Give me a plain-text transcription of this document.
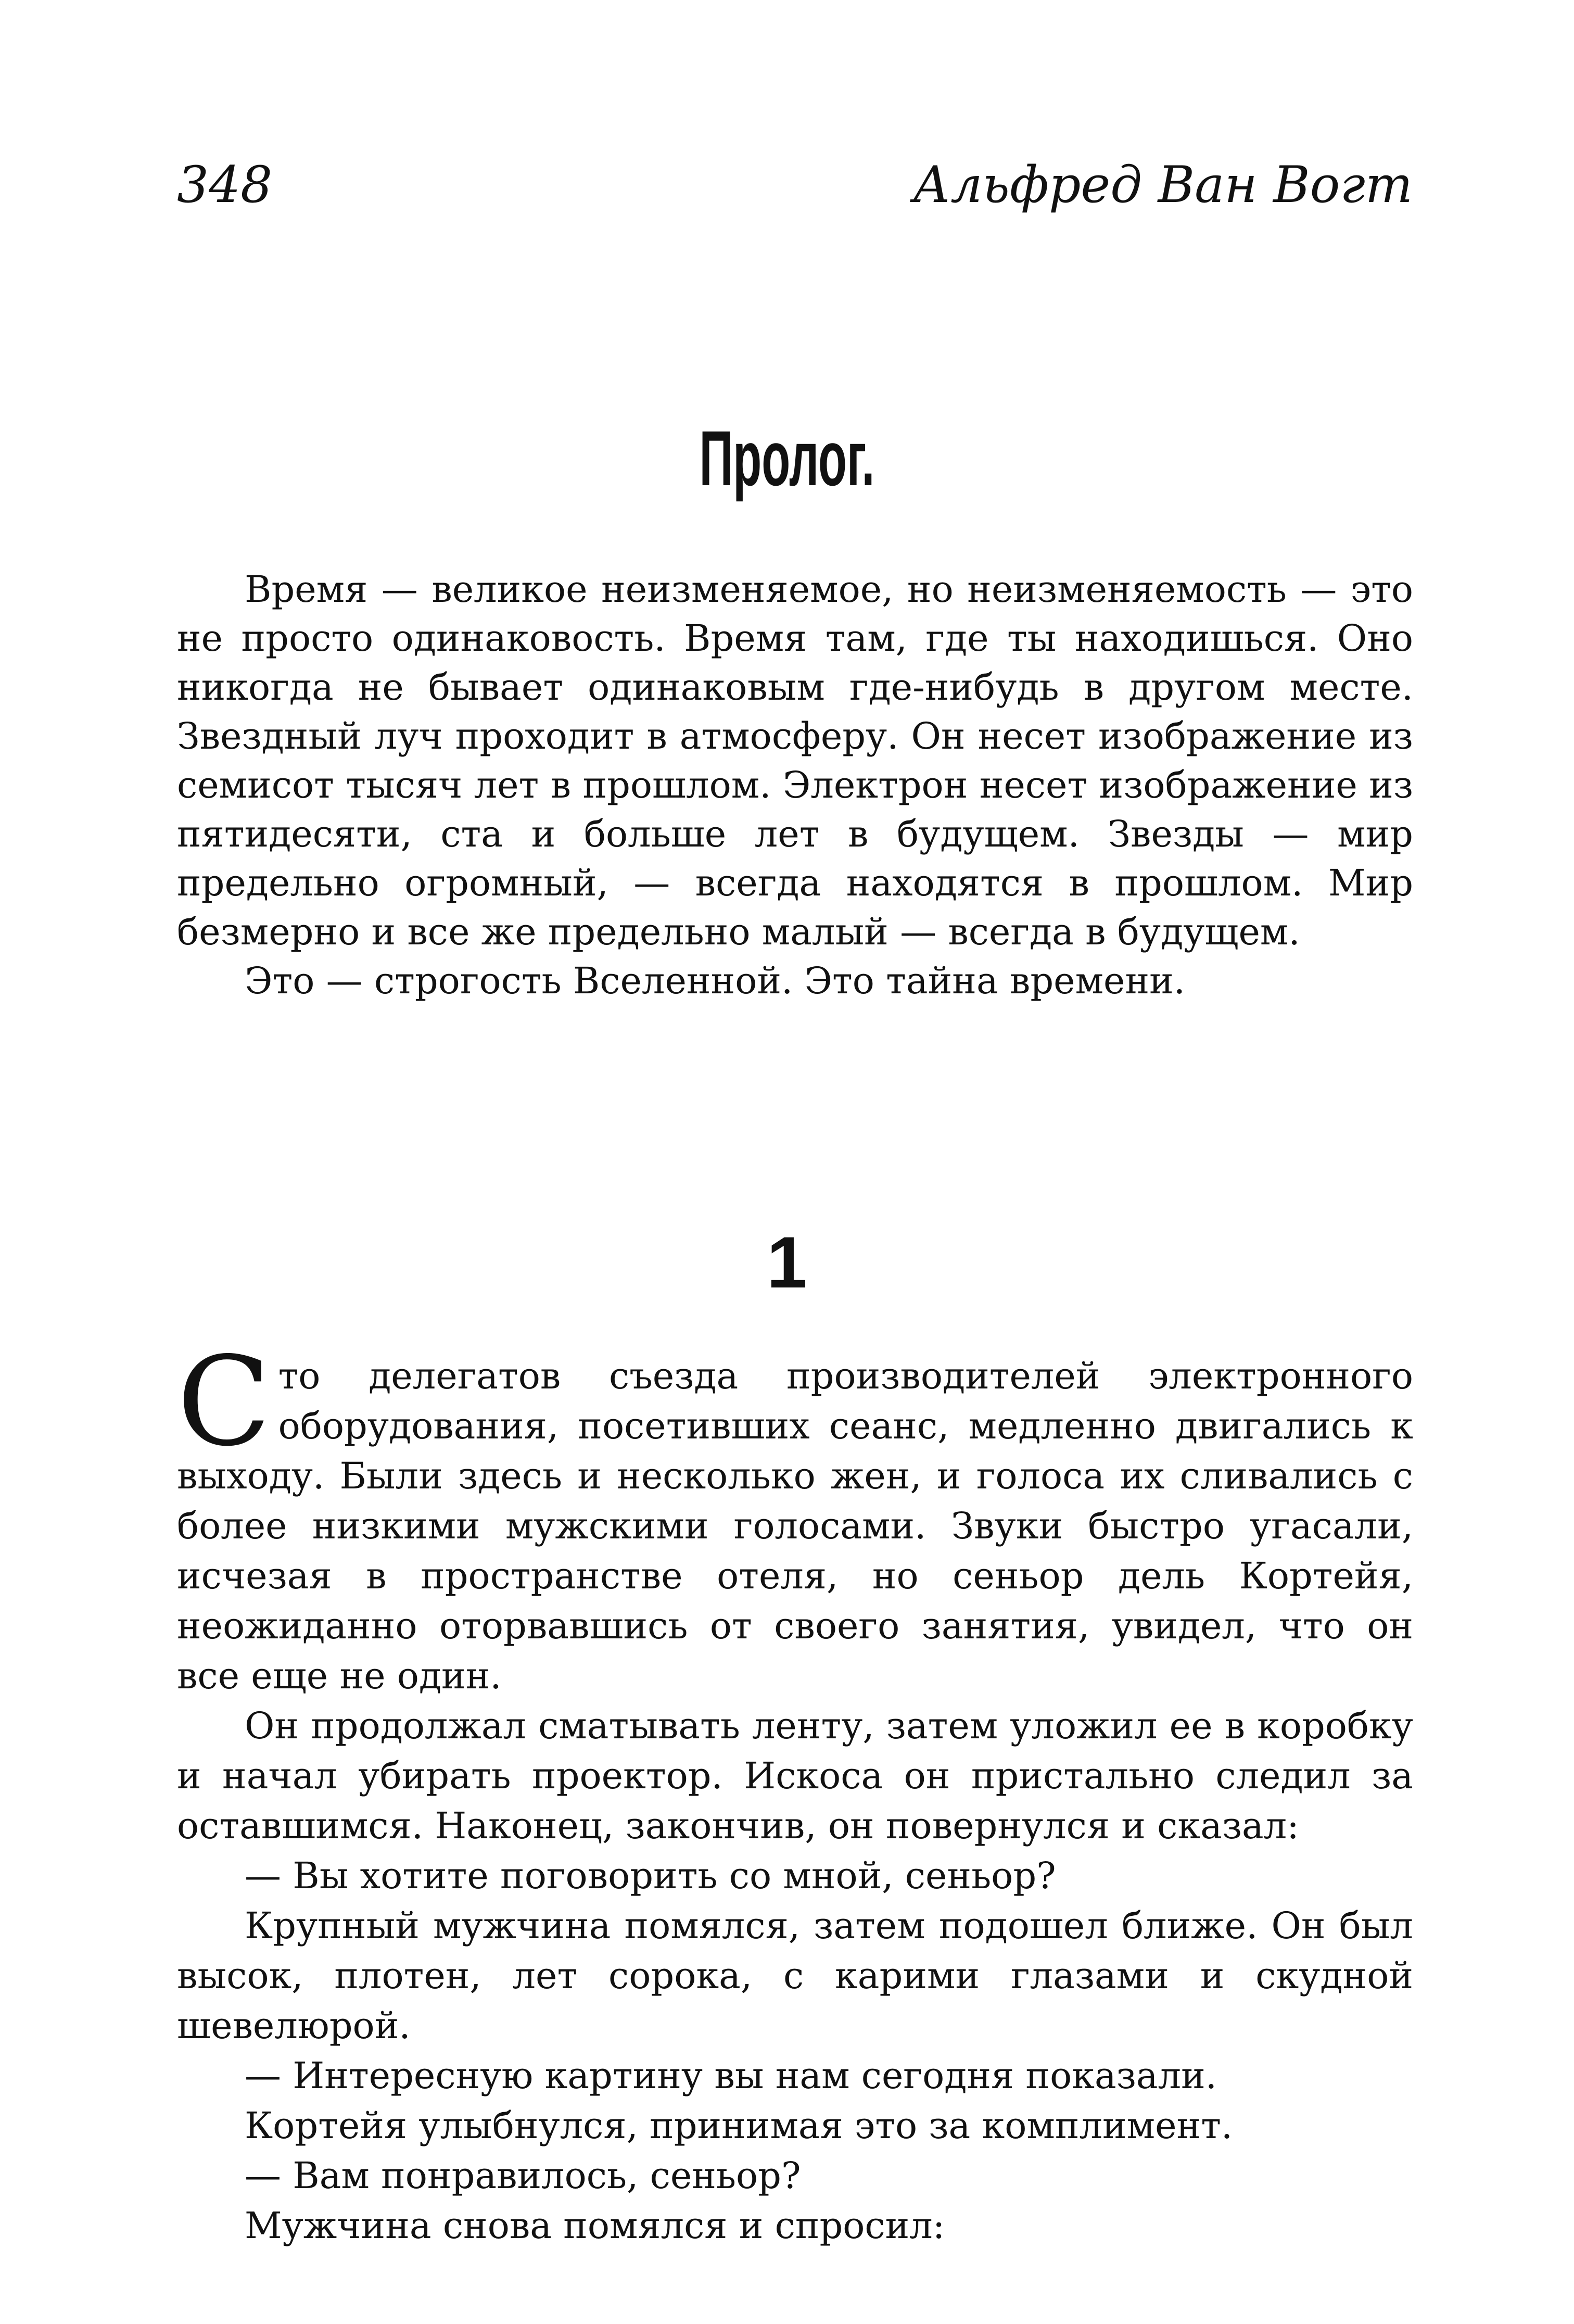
348	Альфред Ван Вогт
Пролог.

Время — великое неизменяемое, но неизменяемость — это не просто одинаковость. Время там, где ты находишься. Оно никогда не бывает одинаковым где-нибудь в другом месте. Звездный луч проходит в атмосферу. Он несет изображение из семисот тысяч лет в прошлом. Электрон несет изображение из пятидесяти, ста и больше лет в будущем. Звезды — мир предельно огромный, — всегда находятся в прошлом. Мир безмерно и все же предельно малый — всегда в будущем.

Это — строгость Вселенной. Это тайна времени.

1

Сто делегатов съезда производителей электронного оборудования, посетивших сеанс, медленно двигались к выходу. Были здесь и несколько жен, и голоса их сливались с более низкими мужскими голосами. Звуки быстро угасали, исчезая в пространстве отеля, но сеньор дель Кортейя, неожиданно оторвавшись от своего занятия, увидел, что он все еще не один.

Он продолжал сматывать ленту, затем уложил ее в коробку и начал убирать проектор. Искоса он пристально следил за оставшимся. Наконец, закончив, он повернулся и сказал:

— Вы хотите поговорить со мной, сеньор?

Крупный мужчина помялся, затем подошел ближе. Он был высок, плотен, лет сорока, с карими глазами и скудной шевелюрой.

— Интересную картину вы нам сегодня показали.

Кортейя улыбнулся, принимая это за комплимент.

— Вам понравилось, сеньор?

Мужчина снова помялся и спросил:
